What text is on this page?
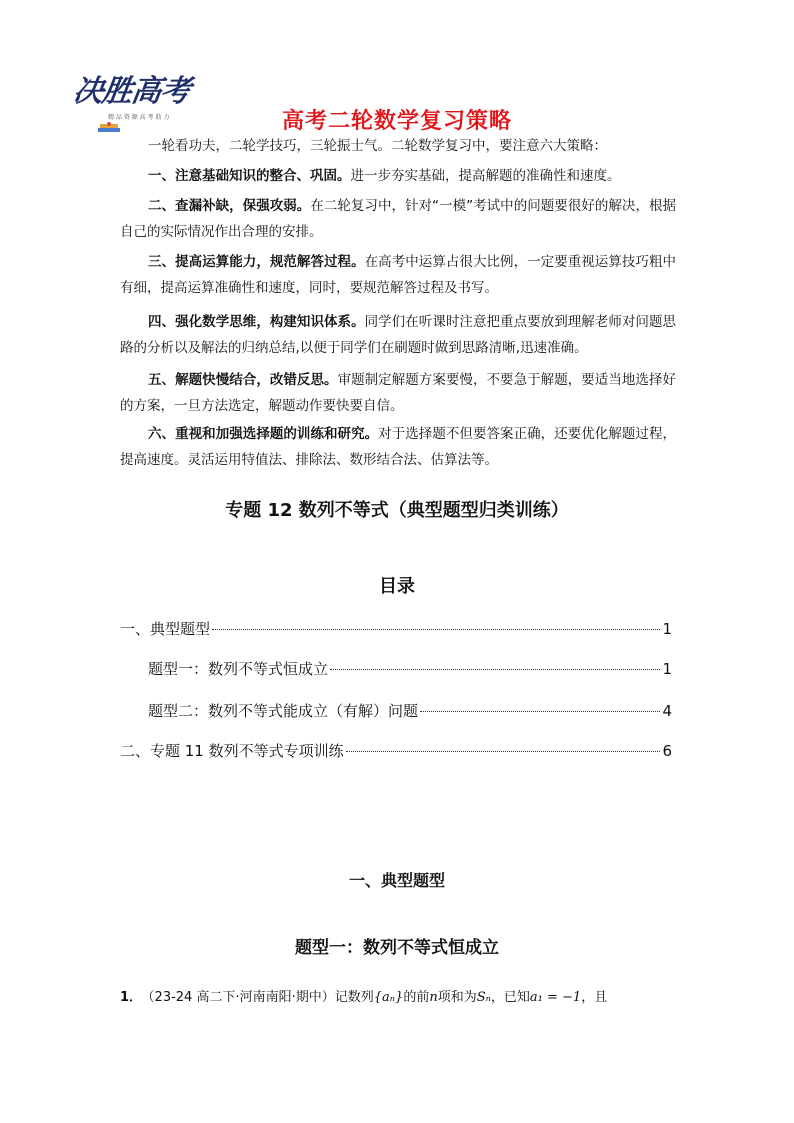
决胜高考
精 品 资 源 高 考 助 力	高考二轮数学复习策略
一轮看功夫，二轮学技巧，三轮振士气。二轮数学复习中，要注意六大策略：
一、注意基础知识的整合、巩固。进一步夯实基础，提高解题的准确性和速度。
二、查漏补缺，保强攻弱。在二轮复习中，针对“一模”考试中的问题要很好的解决，根据自己的实际情况作出合理的安排。
三、提高运算能力，规范解答过程。在高考中运算占很大比例，一定要重视运算技巧粗中有细，提高运算准确性和速度，同时，要规范解答过程及书写。
四、强化数学思维，构建知识体系。同学们在听课时注意把重点要放到理解老师对问题思路的分析以及解法的归纳总结,以便于同学们在刷题时做到思路清晰,迅速准确。
五、解题快慢结合，改错反思。审题制定解题方案要慢，不要急于解题，要适当地选择好的方案，一旦方法选定，解题动作要快要自信。
六、重视和加强选择题的训练和研究。对于选择题不但要答案正确，还要优化解题过程，提高速度。灵活运用特值法、排除法、数形结合法、估算法等。
专题 12 数列不等式（典型题型归类训练）
目录
一、典型题型	1
题型一：数列不等式恒成立	1
题型二：数列不等式能成立（有解）问题	4
二、专题 11 数列不等式专项训练	6
一、典型题型
题型一：数列不等式恒成立
1． （23-24 高二下·河南南阳·期中）记数列{aₙ}的前n项和为Sₙ，已知a₁ = −1，且
